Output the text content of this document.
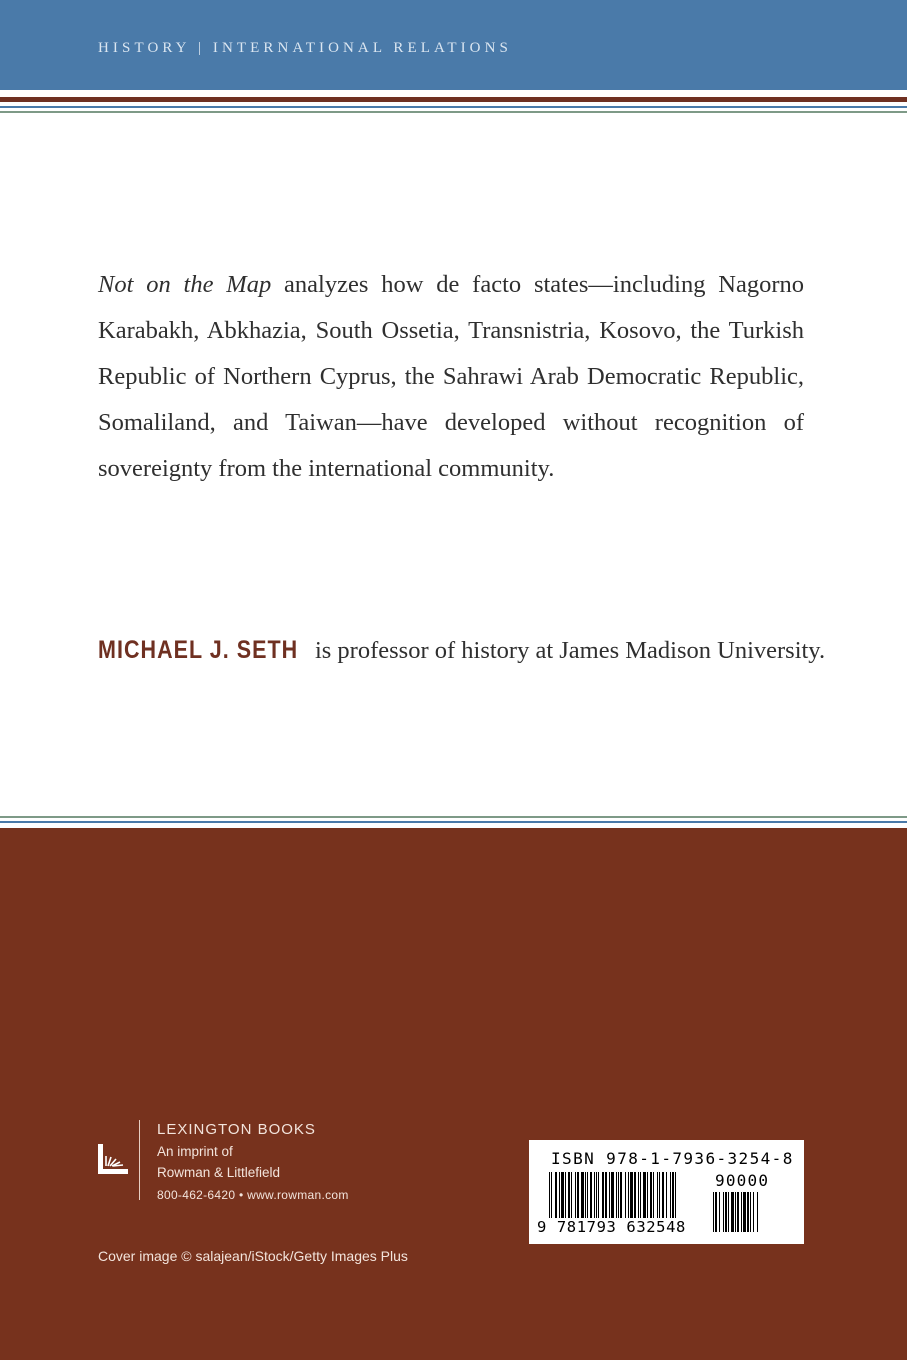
HISTORY | INTERNATIONAL RELATIONS
Not on the Map analyzes how de facto states—including Nagorno Karabakh, Abkhazia, South Ossetia, Transnistria, Kosovo, the Turkish Republic of Northern Cyprus, the Sahrawi Arab Democratic Republic, Somaliland, and Taiwan—have developed without recognition of sovereignty from the international community.
MICHAEL J. SETH is professor of history at James Madison University.
LEXINGTON BOOKS
An imprint of
Rowman & Littlefield
800-462-6420 • www.rowman.com
Cover image © salajean/iStock/Getty Images Plus
ISBN 978-1-7936-3254-8
90000
9 781793 632548
